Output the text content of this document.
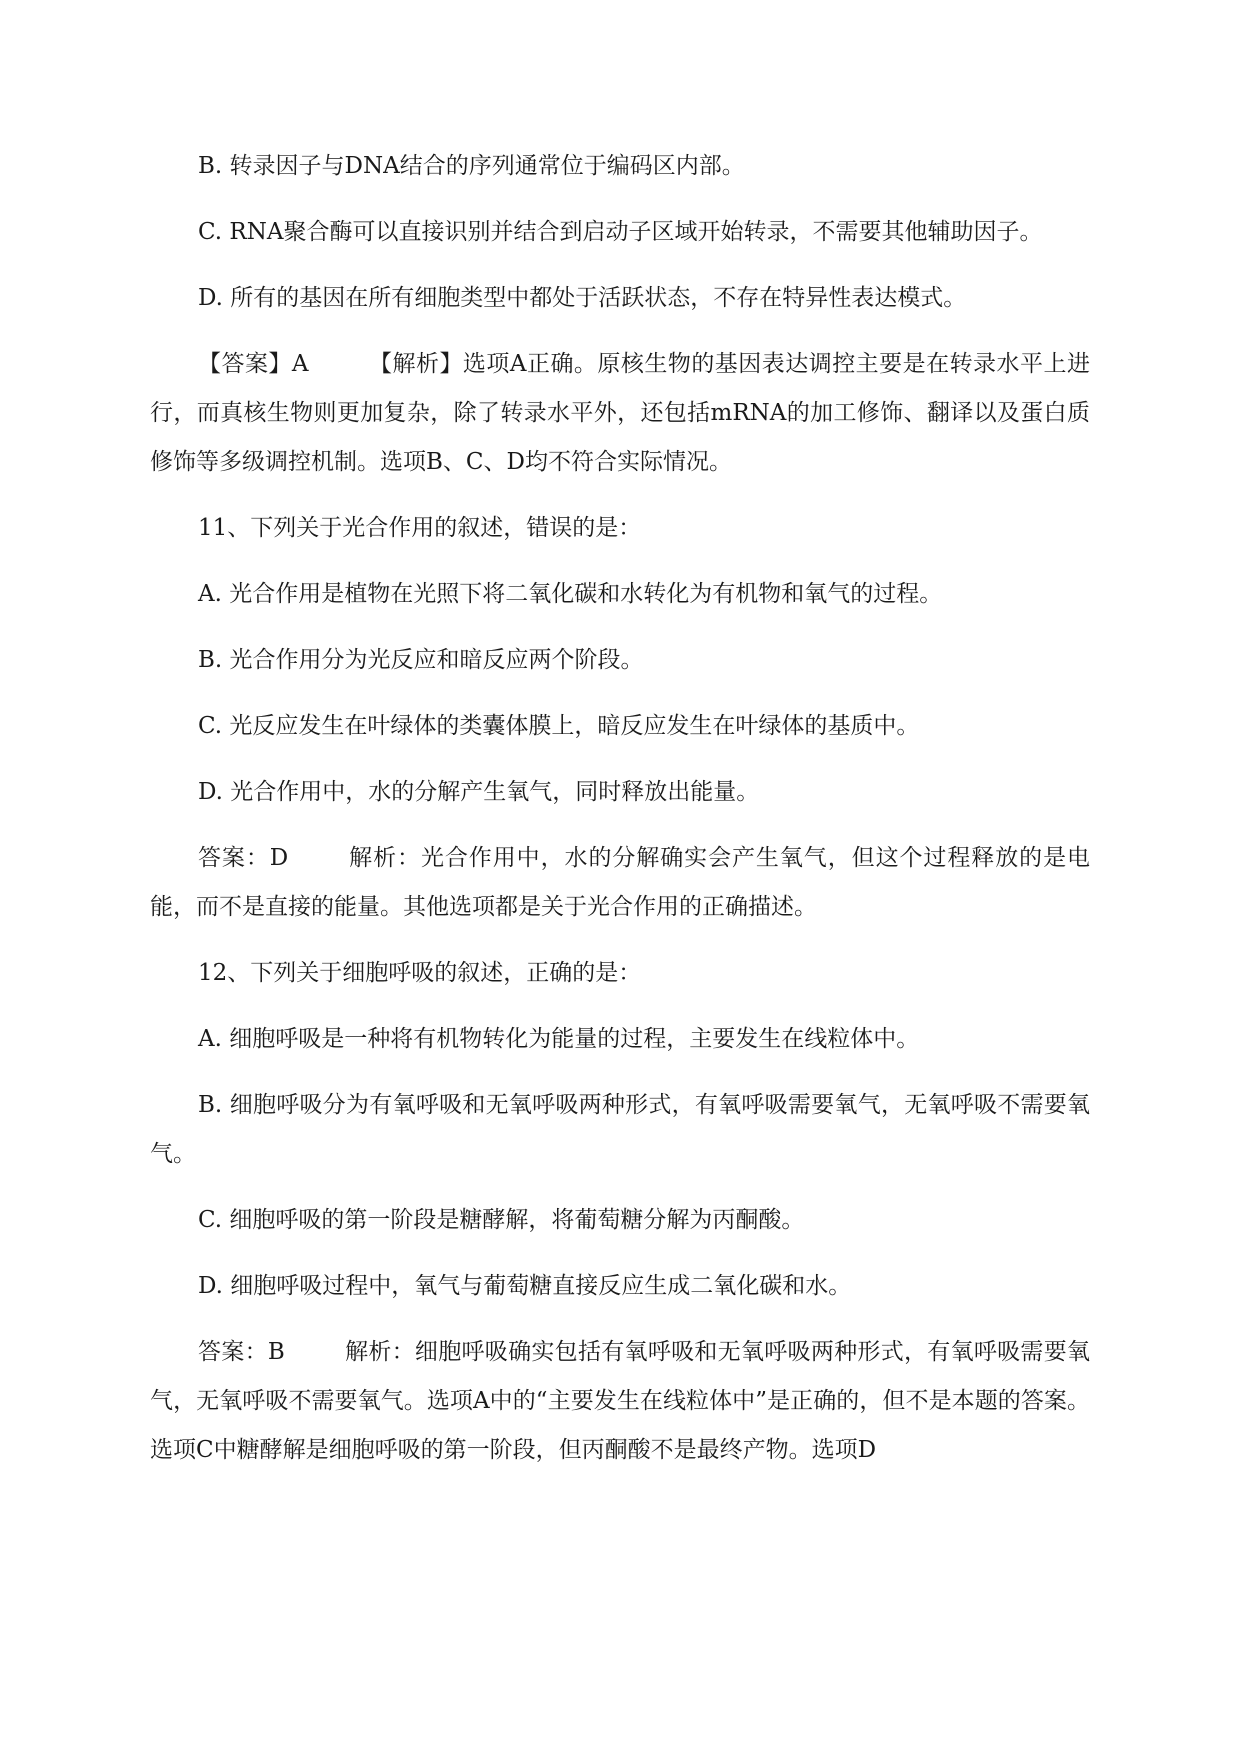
B. 转录因子与DNA结合的序列通常位于编码区内部。

C. RNA聚合酶可以直接识别并结合到启动子区域开始转录，不需要其他辅助因子。

D. 所有的基因在所有细胞类型中都处于活跃状态，不存在特异性表达模式。

【答案】A	【解析】选项A正确。原核生物的基因表达调控主要是在转录水平上进行，而真核生物则更加复杂，除了转录水平外，还包括mRNA的加工修饰、翻译以及蛋白质修饰等多级调控机制。选项B、C、D均不符合实际情况。

11、下列关于光合作用的叙述，错误的是：

A. 光合作用是植物在光照下将二氧化碳和水转化为有机物和氧气的过程。

B. 光合作用分为光反应和暗反应两个阶段。

C. 光反应发生在叶绿体的类囊体膜上，暗反应发生在叶绿体的基质中。

D. 光合作用中，水的分解产生氧气，同时释放出能量。

答案：D	解析：光合作用中，水的分解确实会产生氧气，但这个过程释放的是电能，而不是直接的能量。其他选项都是关于光合作用的正确描述。

12、下列关于细胞呼吸的叙述，正确的是：

A. 细胞呼吸是一种将有机物转化为能量的过程，主要发生在线粒体中。

B. 细胞呼吸分为有氧呼吸和无氧呼吸两种形式，有氧呼吸需要氧气，无氧呼吸不需要氧气。

C. 细胞呼吸的第一阶段是糖酵解，将葡萄糖分解为丙酮酸。

D. 细胞呼吸过程中，氧气与葡萄糖直接反应生成二氧化碳和水。

答案：B	解析：细胞呼吸确实包括有氧呼吸和无氧呼吸两种形式，有氧呼吸需要氧气，无氧呼吸不需要氧气。选项A中的“主要发生在线粒体中”是正确的，但不是本题的答案。选项C中糖酵解是细胞呼吸的第一阶段，但丙酮酸不是最终产物。选项D
